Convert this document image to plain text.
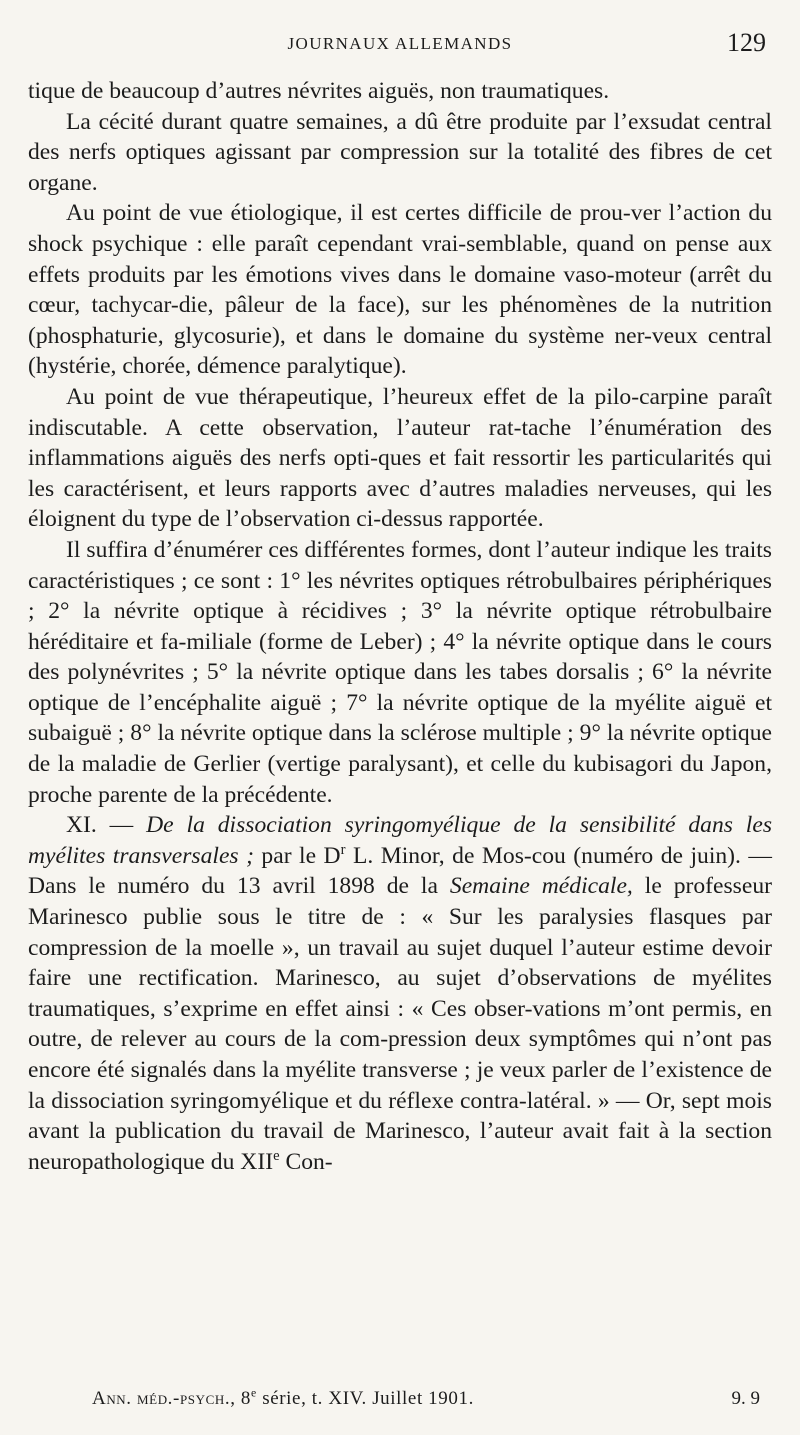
JOURNAUX ALLEMANDS	129

tique de beaucoup d’autres névrites aiguës, non traumatiques.

La cécité durant quatre semaines, a dû être produite par l’exsudat central des nerfs optiques agissant par compression sur la totalité des fibres de cet organe.

Au point de vue étiologique, il est certes difficile de prou-ver l’action du shock psychique : elle paraît cependant vrai-semblable, quand on pense aux effets produits par les émotions vives dans le domaine vaso-moteur (arrêt du cœur, tachycar-die, pâleur de la face), sur les phénomènes de la nutrition (phosphaturie, glycosurie), et dans le domaine du système ner-veux central (hystérie, chorée, démence paralytique).

Au point de vue thérapeutique, l’heureux effet de la pilo-carpine paraît indiscutable. A cette observation, l’auteur rat-tache l’énumération des inflammations aiguës des nerfs opti-ques et fait ressortir les particularités qui les caractérisent, et leurs rapports avec d’autres maladies nerveuses, qui les éloignent du type de l’observation ci-dessus rapportée.

Il suffira d’énumérer ces différentes formes, dont l’auteur indique les traits caractéristiques ; ce sont : 1° les névrites optiques rétrobulbaires périphériques ; 2° la névrite optique à récidives ; 3° la névrite optique rétrobulbaire héréditaire et fa-miliale (forme de Leber) ; 4° la névrite optique dans le cours des polynévrites ; 5° la névrite optique dans les tabes dorsalis ; 6° la névrite optique de l’encéphalite aiguë ; 7° la névrite optique de la myélite aiguë et subaiguë ; 8° la névrite optique dans la sclérose multiple ; 9° la névrite optique de la maladie de Gerlier (vertige paralysant), et celle du kubisagori du Japon, proche parente de la précédente.

XI. — De la dissociation syringomyélique de la sensibilité dans les myélites transversales ; par le $D^r$ L. Minor, de Mos-cou (numéro de juin). — Dans le numéro du 13 avril 1898 de la Semaine médicale, le professeur Marinesco publie sous le titre de : « Sur les paralysies flasques par compression de la moelle », un travail au sujet duquel l’auteur estime devoir faire une rectification. Marinesco, au sujet d’observations de myélites traumatiques, s’exprime en effet ainsi : « Ces obser-vations m’ont permis, en outre, de relever au cours de la com-pression deux symptômes qui n’ont pas encore été signalés dans la myélite transverse ; je veux parler de l’existence de la dissociation syringomyélique et du réflexe contra-latéral. » — Or, sept mois avant la publication du travail de Marinesco, l’auteur avait fait à la section neuropathologique du XIIe Con-

Ann. méd.-psych., 8e série, t. XIV. Juillet 1901.	9. 9
